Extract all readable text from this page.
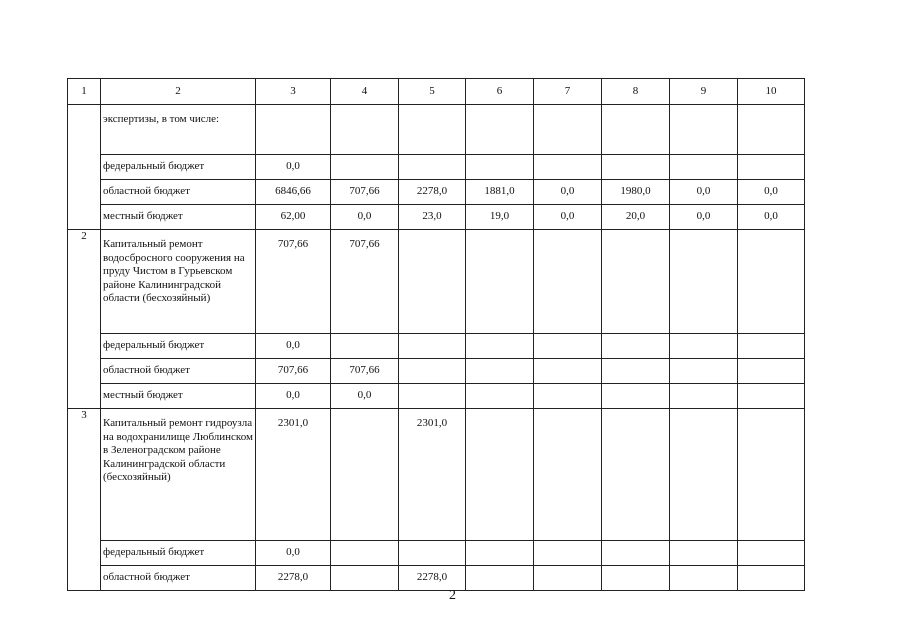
1	2	3	4	5	6	7	8	9	10
	экспертизы, в том числе:								
	федеральный бюджет	0,0							
	областной бюджет	6846,66	707,66	2278,0	1881,0	0,0	1980,0	0,0	0,0
	местный бюджет	62,00	0,0	23,0	19,0	0,0	20,0	0,0	0,0
2	Капитальный ремонт водосбросного сооружения на пруду Чистом в Гурьевском районе Калининградской области (бесхозяйный)	707,66	707,66						
	федеральный бюджет	0,0							
	областной бюджет	707,66	707,66						
	местный бюджет	0,0	0,0						
3	Капитальный ремонт гидроузла на водохранилище Люблинском в Зеленоградском районе Калининградской области (бесхозяйный)	2301,0		2301,0					
	федеральный бюджет	0,0							
	областной бюджет	2278,0		2278,0					
2
